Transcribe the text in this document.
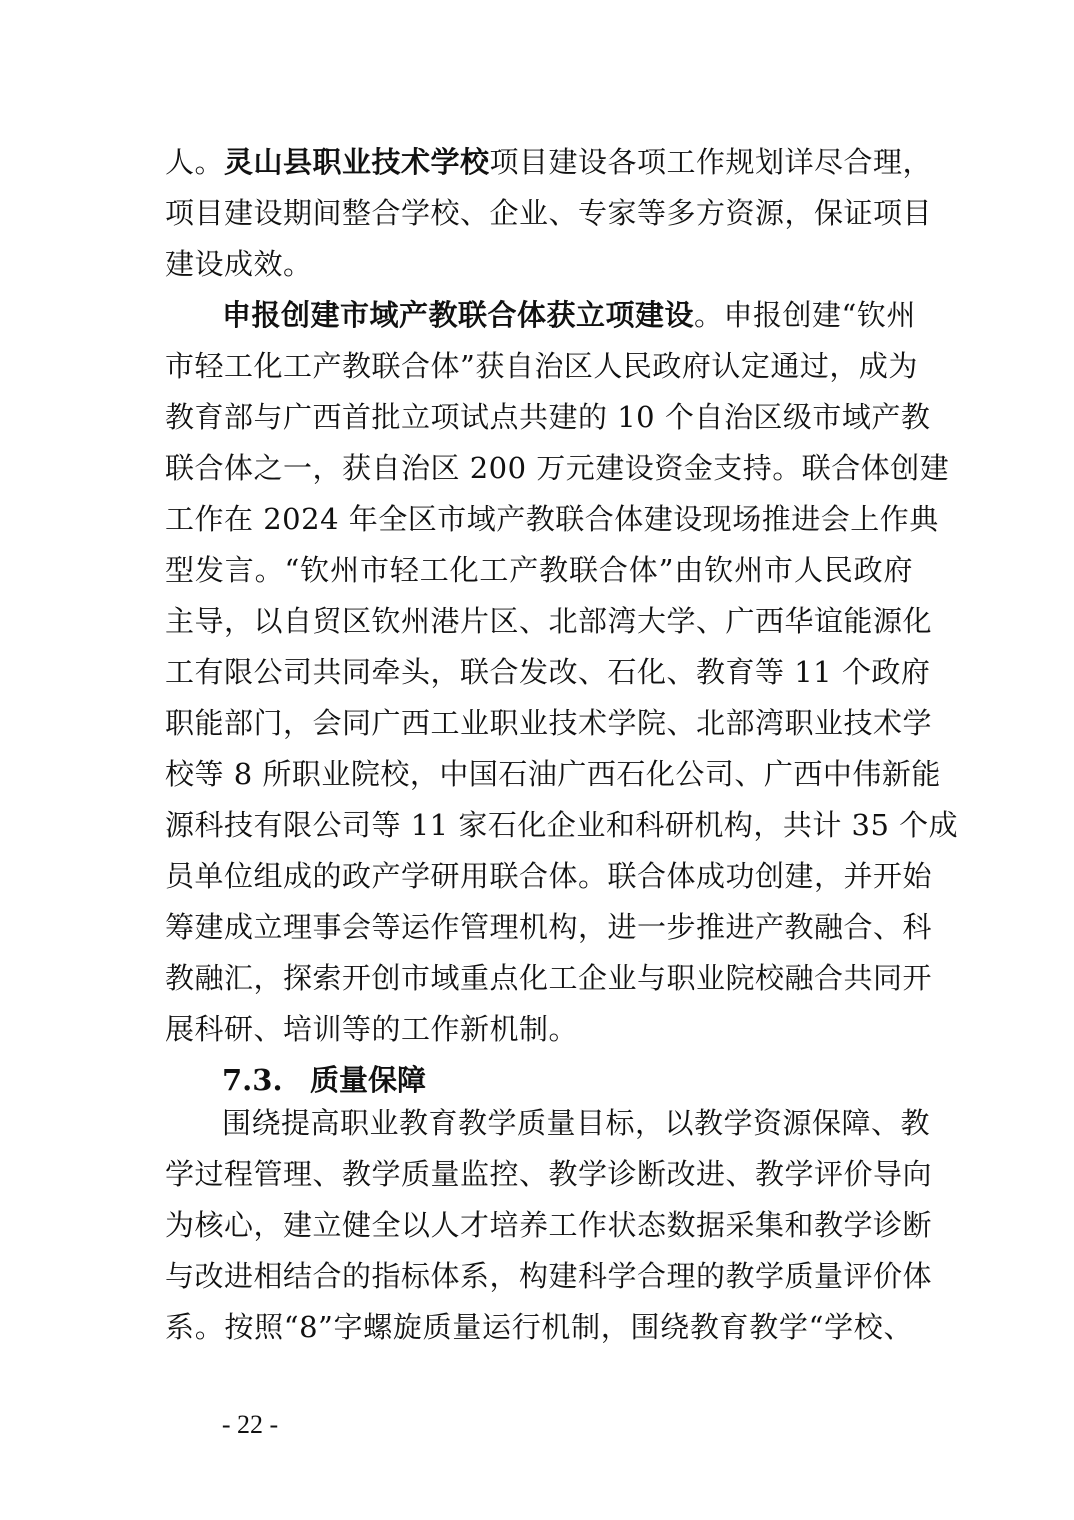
人。灵山县职业技术学校项目建设各项工作规划详尽合理，
项目建设期间整合学校、企业、专家等多方资源，保证项目
建设成效。
申报创建市域产教联合体获立项建设。申报创建“钦州
市轻工化工产教联合体”获自治区人民政府认定通过，成为
教育部与广西首批立项试点共建的 10 个自治区级市域产教
联合体之一，获自治区 200 万元建设资金支持。联合体创建
工作在 2024 年全区市域产教联合体建设现场推进会上作典
型发言。“钦州市轻工化工产教联合体”由钦州市人民政府
主导，以自贸区钦州港片区、北部湾大学、广西华谊能源化
工有限公司共同牵头，联合发改、石化、教育等 11 个政府
职能部门，会同广西工业职业技术学院、北部湾职业技术学
校等 8 所职业院校，中国石油广西石化公司、广西中伟新能
源科技有限公司等 11 家石化企业和科研机构，共计 35 个成
员单位组成的政产学研用联合体。联合体成功创建，并开始
筹建成立理事会等运作管理机构，进一步推进产教融合、科
教融汇，探索开创市域重点化工企业与职业院校融合共同开
展科研、培训等的工作新机制。
7.3. 质量保障
围绕提高职业教育教学质量目标，以教学资源保障、教
学过程管理、教学质量监控、教学诊断改进、教学评价导向
为核心，建立健全以人才培养工作状态数据采集和教学诊断
与改进相结合的指标体系，构建科学合理的教学质量评价体
系。按照“8”字螺旋质量运行机制，围绕教育教学“学校、
- 22 -
